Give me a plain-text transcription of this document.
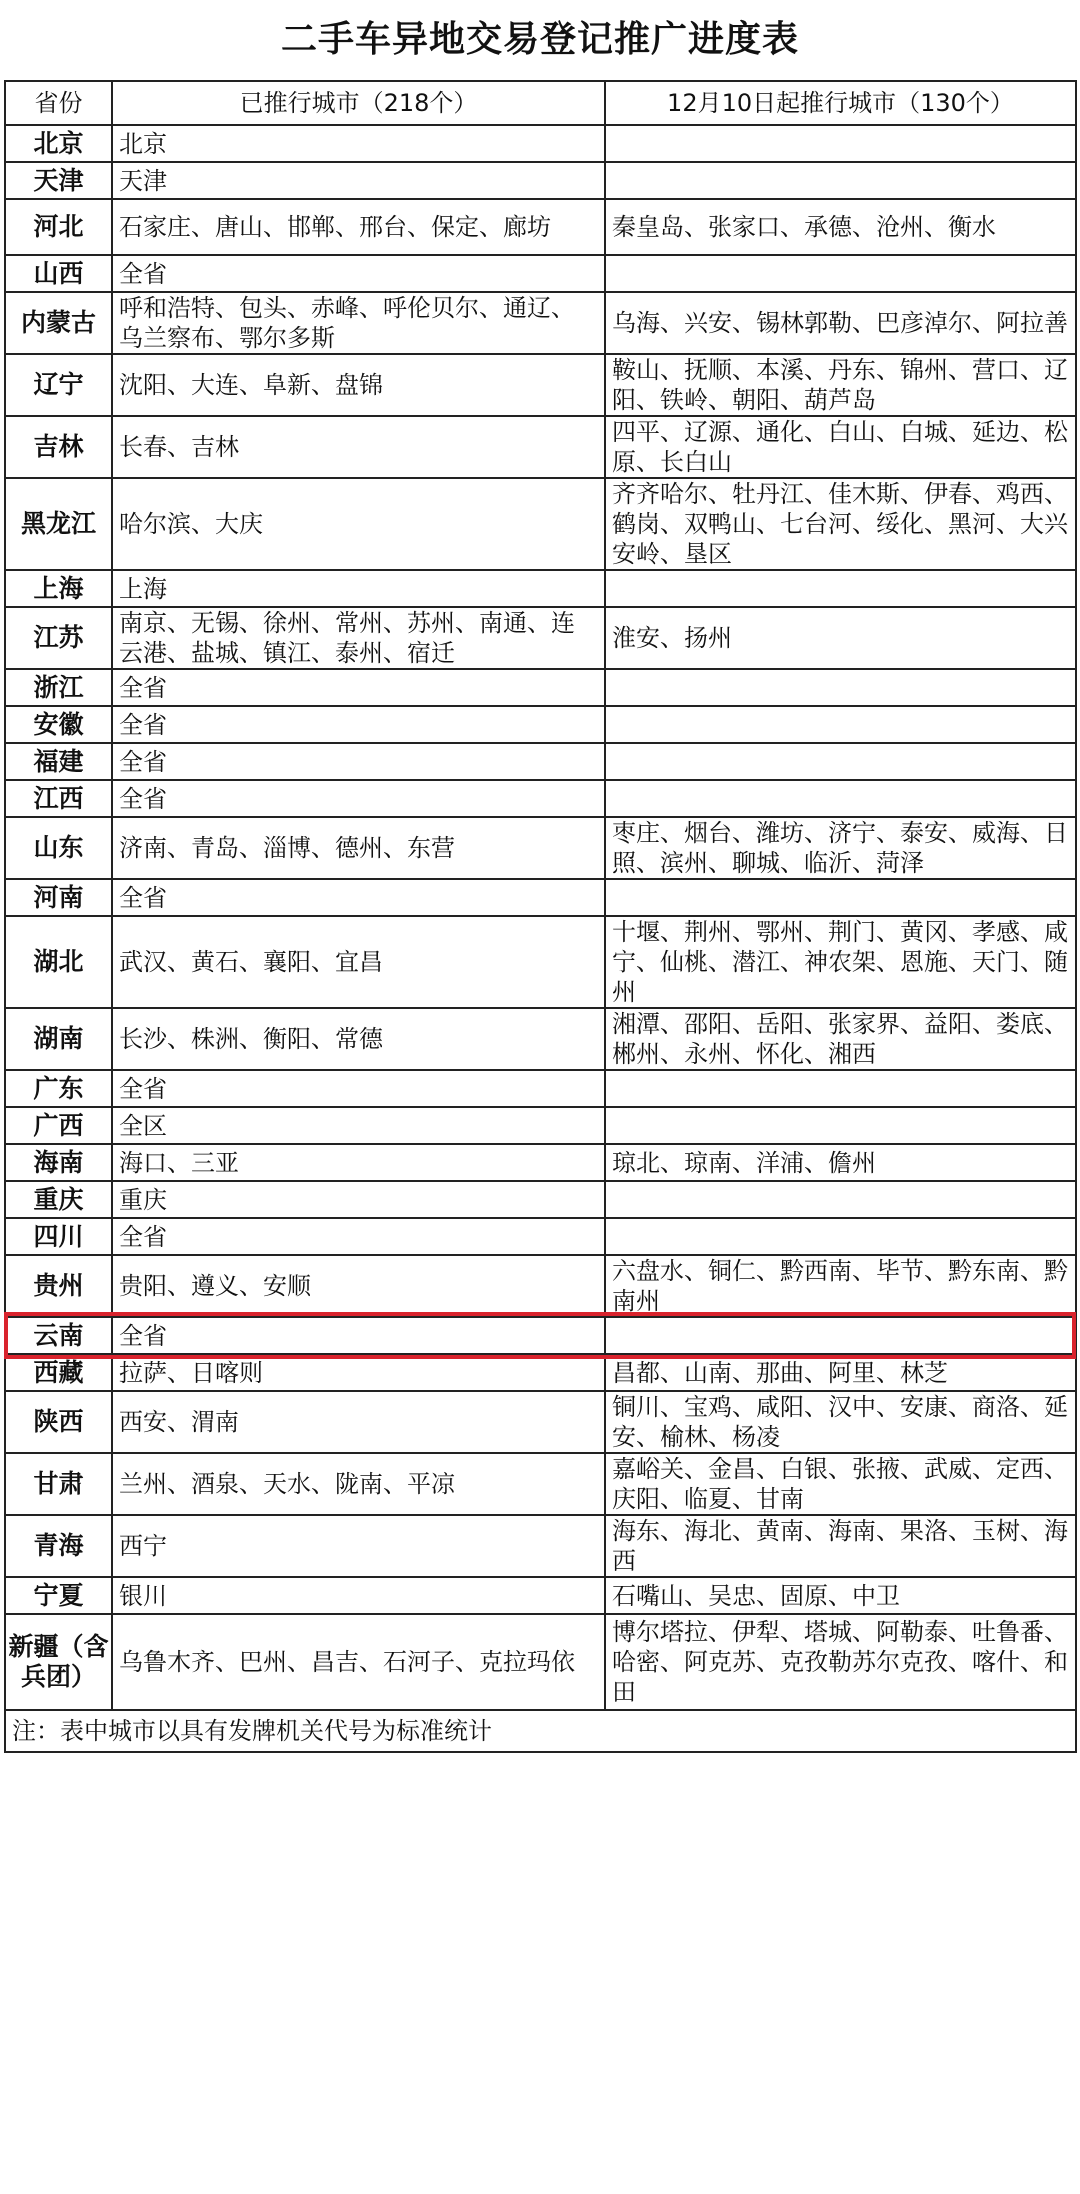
二手车异地交易登记推广进度表
省份	已推行城市（218个）	12月10日起推行城市（130个）
北京	北京	
天津	天津	
河北	石家庄、唐山、邯郸、邢台、保定、廊坊	秦皇岛、张家口、承德、沧州、衡水
山西	全省	
内蒙古	呼和浩特、包头、赤峰、呼伦贝尔、通辽、乌兰察布、鄂尔多斯	乌海、兴安、锡林郭勒、巴彦淖尔、阿拉善
辽宁	沈阳、大连、阜新、盘锦	鞍山、抚顺、本溪、丹东、锦州、营口、辽阳、铁岭、朝阳、葫芦岛
吉林	长春、吉林	四平、辽源、通化、白山、白城、延边、松原、长白山
黑龙江	哈尔滨、大庆	齐齐哈尔、牡丹江、佳木斯、伊春、鸡西、鹤岗、双鸭山、七台河、绥化、黑河、大兴安岭、垦区
上海	上海	
江苏	南京、无锡、徐州、常州、苏州、南通、连云港、盐城、镇江、泰州、宿迁	淮安、扬州
浙江	全省	
安徽	全省	
福建	全省	
江西	全省	
山东	济南、青岛、淄博、德州、东营	枣庄、烟台、潍坊、济宁、泰安、威海、日照、滨州、聊城、临沂、菏泽
河南	全省	
湖北	武汉、黄石、襄阳、宜昌	十堰、荆州、鄂州、荆门、黄冈、孝感、咸宁、仙桃、潜江、神农架、恩施、天门、随州
湖南	长沙、株洲、衡阳、常德	湘潭、邵阳、岳阳、张家界、益阳、娄底、郴州、永州、怀化、湘西
广东	全省	
广西	全区	
海南	海口、三亚	琼北、琼南、洋浦、儋州
重庆	重庆	
四川	全省	
贵州	贵阳、遵义、安顺	六盘水、铜仁、黔西南、毕节、黔东南、黔南州
云南	全省	
西藏	拉萨、日喀则	昌都、山南、那曲、阿里、林芝
陕西	西安、渭南	铜川、宝鸡、咸阳、汉中、安康、商洛、延安、榆林、杨凌
甘肃	兰州、酒泉、天水、陇南、平凉	嘉峪关、金昌、白银、张掖、武威、定西、庆阳、临夏、甘南
青海	西宁	海东、海北、黄南、海南、果洛、玉树、海西
宁夏	银川	石嘴山、吴忠、固原、中卫
新疆（含兵团）	乌鲁木齐、巴州、昌吉、石河子、克拉玛依	博尔塔拉、伊犁、塔城、阿勒泰、吐鲁番、哈密、阿克苏、克孜勒苏尔克孜、喀什、和田
注：表中城市以具有发牌机关代号为标准统计		
